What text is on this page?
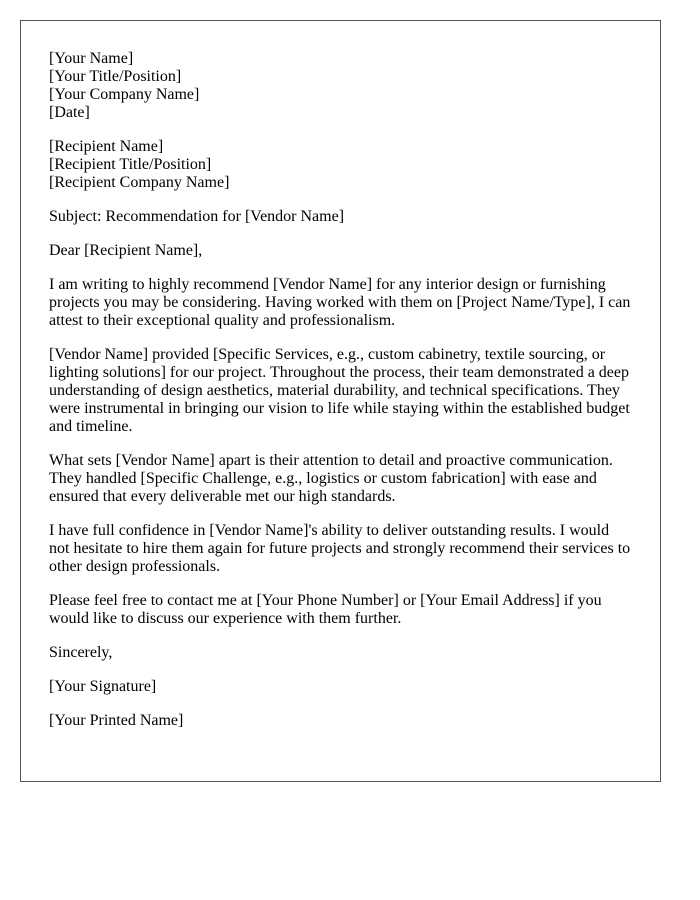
[Your Name]
[Your Title/Position]
[Your Company Name]
[Date]
[Recipient Name]
[Recipient Title/Position]
[Recipient Company Name]

Subject: Recommendation for [Vendor Name]

Dear [Recipient Name],

I am writing to highly recommend [Vendor Name] for any interior design or furnishing projects you may be considering. Having worked with them on [Project Name/Type], I can attest to their exceptional quality and professionalism.

[Vendor Name] provided [Specific Services, e.g., custom cabinetry, textile sourcing, or lighting solutions] for our project. Throughout the process, their team demonstrated a deep understanding of design aesthetics, material durability, and technical specifications. They were instrumental in bringing our vision to life while staying within the established budget and timeline.

What sets [Vendor Name] apart is their attention to detail and proactive communication. They handled [Specific Challenge, e.g., logistics or custom fabrication] with ease and ensured that every deliverable met our high standards.

I have full confidence in [Vendor Name]'s ability to deliver outstanding results. I would not hesitate to hire them again for future projects and strongly recommend their services to other design professionals.

Please feel free to contact me at [Your Phone Number] or [Your Email Address] if you would like to discuss our experience with them further.

Sincerely,

[Your Signature]

[Your Printed Name]
